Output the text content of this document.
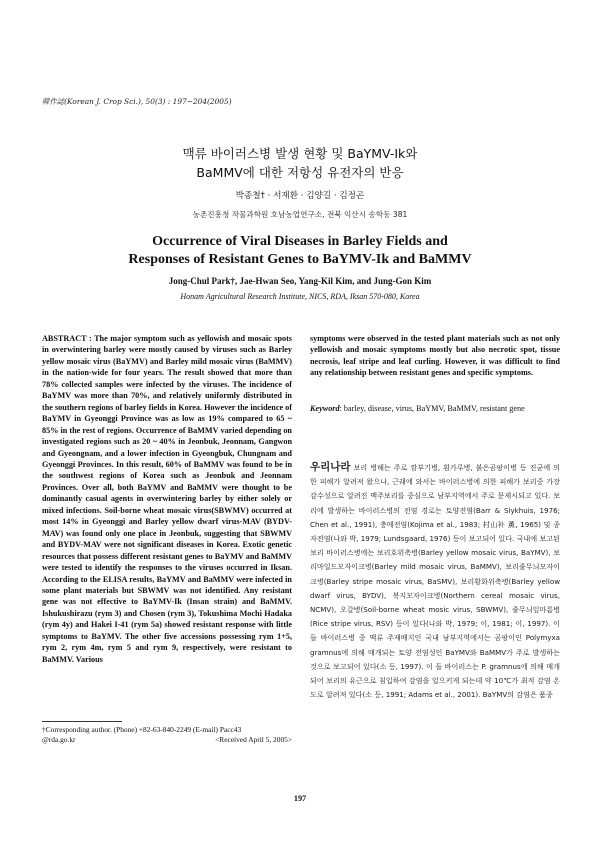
韓作誌(Korean J. Crop Sci.), 50(3) : 197~204(2005)
맥류 바이러스병 발생 현황 및 BaYMV-Ik와
BaMMV에 대한 저항성 유전자의 반응
박종철† · 서재환 · 김양길 · 김정곤
농촌진흥청 작물과학원 호남농업연구소, 전북 익산시 송학동 381
Occurrence of Viral Diseases in Barley Fields and
Responses of Resistant Genes to BaYMV-Ik and BaMMV
Jong-Chul Park†, Jae-Hwan Seo, Yang-Kil Kim, and Jung-Gon Kim
Honam Agricultural Research Institute, NICS, RDA, Iksan 570-080, Korea
ABSTRACT : The major symptom such as yellowish and mosaic spots in overwintering barley were mostly caused by viruses such as Barley yellow mosaic virus (BaYMV) and Barley mild mosaic virus (BaMMV) in the nation-wide for four years. The result showed that more than 78% collected samples were infected by the viruses. The incidence of BaYMV was more than 70%, and relatively uniformly distributed in the southern regions of barley fields in Korea. However the incidence of BaYMV in Gyeonggi Province was as low as 19% compared to 65 ~ 85% in the rest of regions. Occurrence of BaMMV varied depending on investigated regions such as 20 ~ 40% in Jeonbuk, Jeonnam, Gangwon and Gyeongnam, and a lower infection in Gyeongbuk, Chungnam and Gyeonggi Provinces. In this result, 60% of BaMMV was found to be in the southwest regions of Korea such as Jeonbuk and Jeonnam Provinces. Over all, both BaYMV and BaMMV were thought to be dominantly casual agents in overwintering barley by either solely or mixed infections. Soil-borne wheat mosaic virus(SBWMV) occurred at most 14% in Gyeonggi and Barley yellow dwarf virus-MAV (BYDV-MAV) was found only one place in Jeonbuk, suggesting that SBWMV and BYDV-MAV were not significant diseases in Korea. Exotic genetic resources that possess different resistant genes to BaYMV and BaMMV were tested to identify the responses to the viruses occurred in Iksan. According to the ELISA results, BaYMV and BaMMV were infected in some plant materials but SBWMV was not identified. Any resistant gene was not effective to BaYMV-Ik (Insan strain) and BaMMV. Ishukushirazu (rym 3) and Chosen (rym 3), Tokushima Mochi Hadaka (rym 4y) and Hakei I-41 (rym 5a) showed resistant response with little symptoms to BaYMV. The other five accessions possessing rym 1+5, rym 2, rym 4m, rym 5 and rym 9, respectively, were resistant to BaMMV. Various
symptoms were observed in the tested plant materials such as not only yellowish and mosaic symptoms mostly but also necrotic spot, tissue necrosis, leaf stripe and leaf curling. However, it was difficult to find any relationship between resistant genes and specific symptoms.
Keyword: barley, disease, virus, BaYMV, BaMMV, resistant gene
우리나라 보리 병해는 주로 깜부기병, 흰가루병, 붉은곰팡이병 등 진균에 의한 피해가 알려져 왔으나, 근래에 와서는 바이러스병에 의한 피해가 보리중 가장 감수성으로 알려진 맥주보리를 중심으로 남부지역에서 주로 문제시되고 있다. 보리에 발생하는 바이러스병의 전염 경로는 토양전염(Barr & Slykhuis, 1976; Chen et al., 1991), 충매전염(Kojima et al., 1983; 村山补 薫, 1965) 및 종자전염(나와 박, 1979; Lundsgaard, 1976) 등이 보고되어 있다. 국내에 보고된 보리 바이러스병에는 보리호위축병(Barley yellow mosaic virus, BaYMV), 보리마일드모자이크병(Barley mild mosaic virus, BaMMV), 보리줄무늬모자이크병(Barley stripe mosaic virus, BaSMV), 보리황화위축병(Barley yellow dwarf virus, BYDV), 북지모자이크병(Northern cereal mosaic virus, NCMV), 오갈병(Soil-borne wheat mosic virus, SBWMV), 줄무늬잎마름병(Rice stripe virus, RSV) 등이 있다(나와 박, 1979; 이, 1981; 이, 1997). 이들 바이러스병 중 맥류 주재배지인 국내 남부지역에서는 곰팡이인 Polymyxa gramnus에 의해 매개되는 토양 전염성인 BaYMV와 BaMMV가 주로 발생하는 것으로 보고되어 있다(소 등, 1997). 이 들 바이러스는 P. gramnus에 의해 매개되어 보리의 유근으로 침입하여 감염을 일으키게 되는데 약 10℃가 최적 감염 온도로 알려져 있다(소 등, 1991; Adams et al., 2001). BaYMV의 감염은 품종
†Corresponding author. (Phone) +82-63-840-2249 (E-mail) Pacc43
@rda.go.kr	<Received April 5, 2005>
197
